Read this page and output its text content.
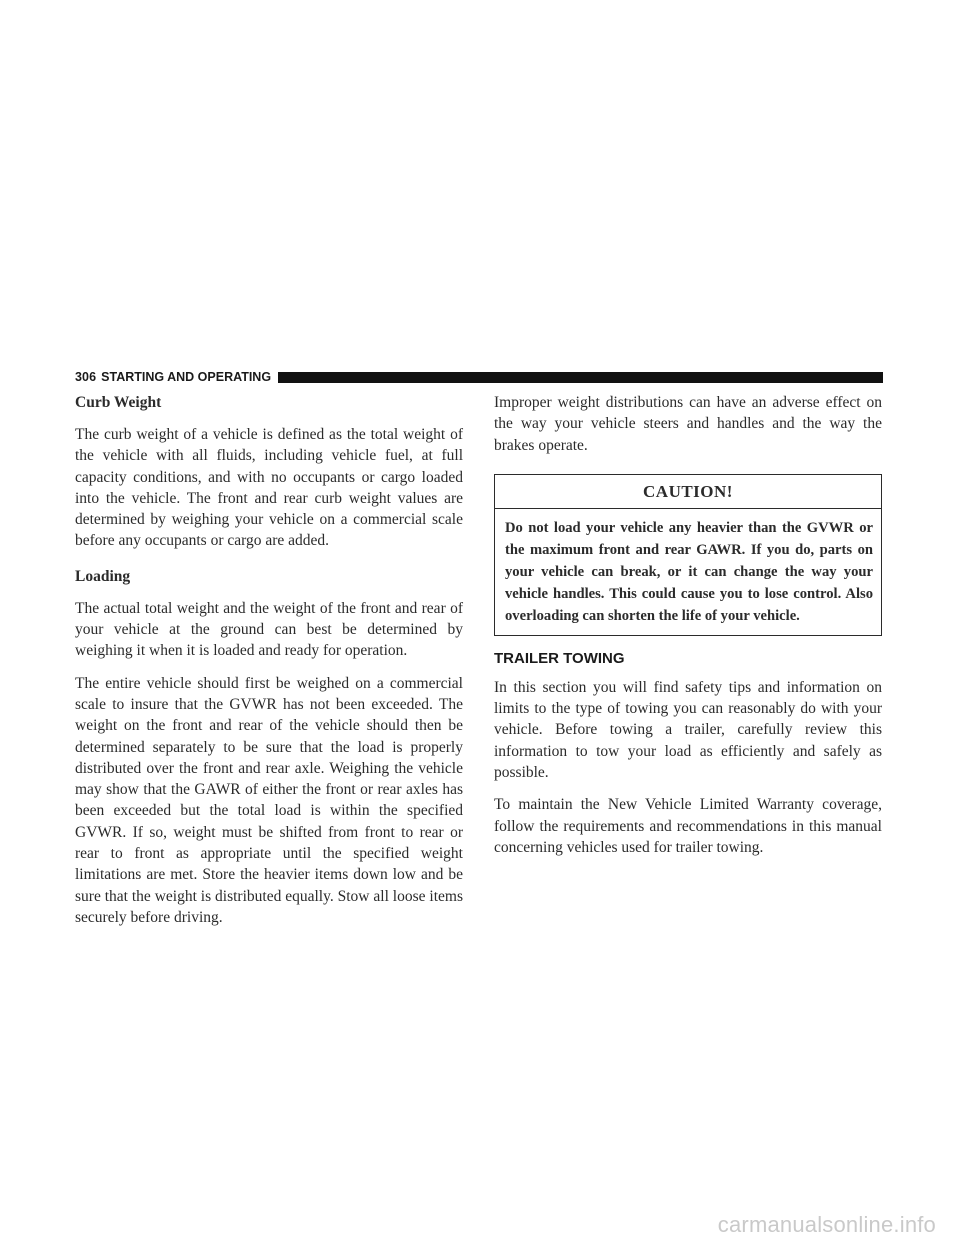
306 STARTING AND OPERATING
Curb Weight

The curb weight of a vehicle is defined as the total weight of the vehicle with all fluids, including vehicle fuel, at full capacity conditions, and with no occupants or cargo loaded into the vehicle. The front and rear curb weight values are determined by weighing your vehicle on a commercial scale before any occupants or cargo are added.

Loading

The actual total weight and the weight of the front and rear of your vehicle at the ground can best be determined by weighing it when it is loaded and ready for operation.

The entire vehicle should first be weighed on a commercial scale to insure that the GVWR has not been exceeded. The weight on the front and rear of the vehicle should then be determined separately to be sure that the load is properly distributed over the front and rear axle. Weighing the vehicle may show that the GAWR of either the front or rear axles has been exceeded but the total load is within the specified GVWR. If so, weight must be shifted from front to rear or rear to front as appropriate until the specified weight limitations are met. Store the heavier items down low and be sure that the weight is distributed equally. Stow all loose items securely before driving.

Improper weight distributions can have an adverse effect on the way your vehicle steers and handles and the way the brakes operate.

CAUTION!
Do not load your vehicle any heavier than the GVWR or the maximum front and rear GAWR. If you do, parts on your vehicle can break, or it can change the way your vehicle handles. This could cause you to lose control. Also overloading can shorten the life of your vehicle.
TRAILER TOWING

In this section you will find safety tips and information on limits to the type of towing you can reasonably do with your vehicle. Before towing a trailer, carefully review this information to tow your load as efficiently and safely as possible.

To maintain the New Vehicle Limited Warranty coverage, follow the requirements and recommendations in this manual concerning vehicles used for trailer towing.

carmanualsonline.info
